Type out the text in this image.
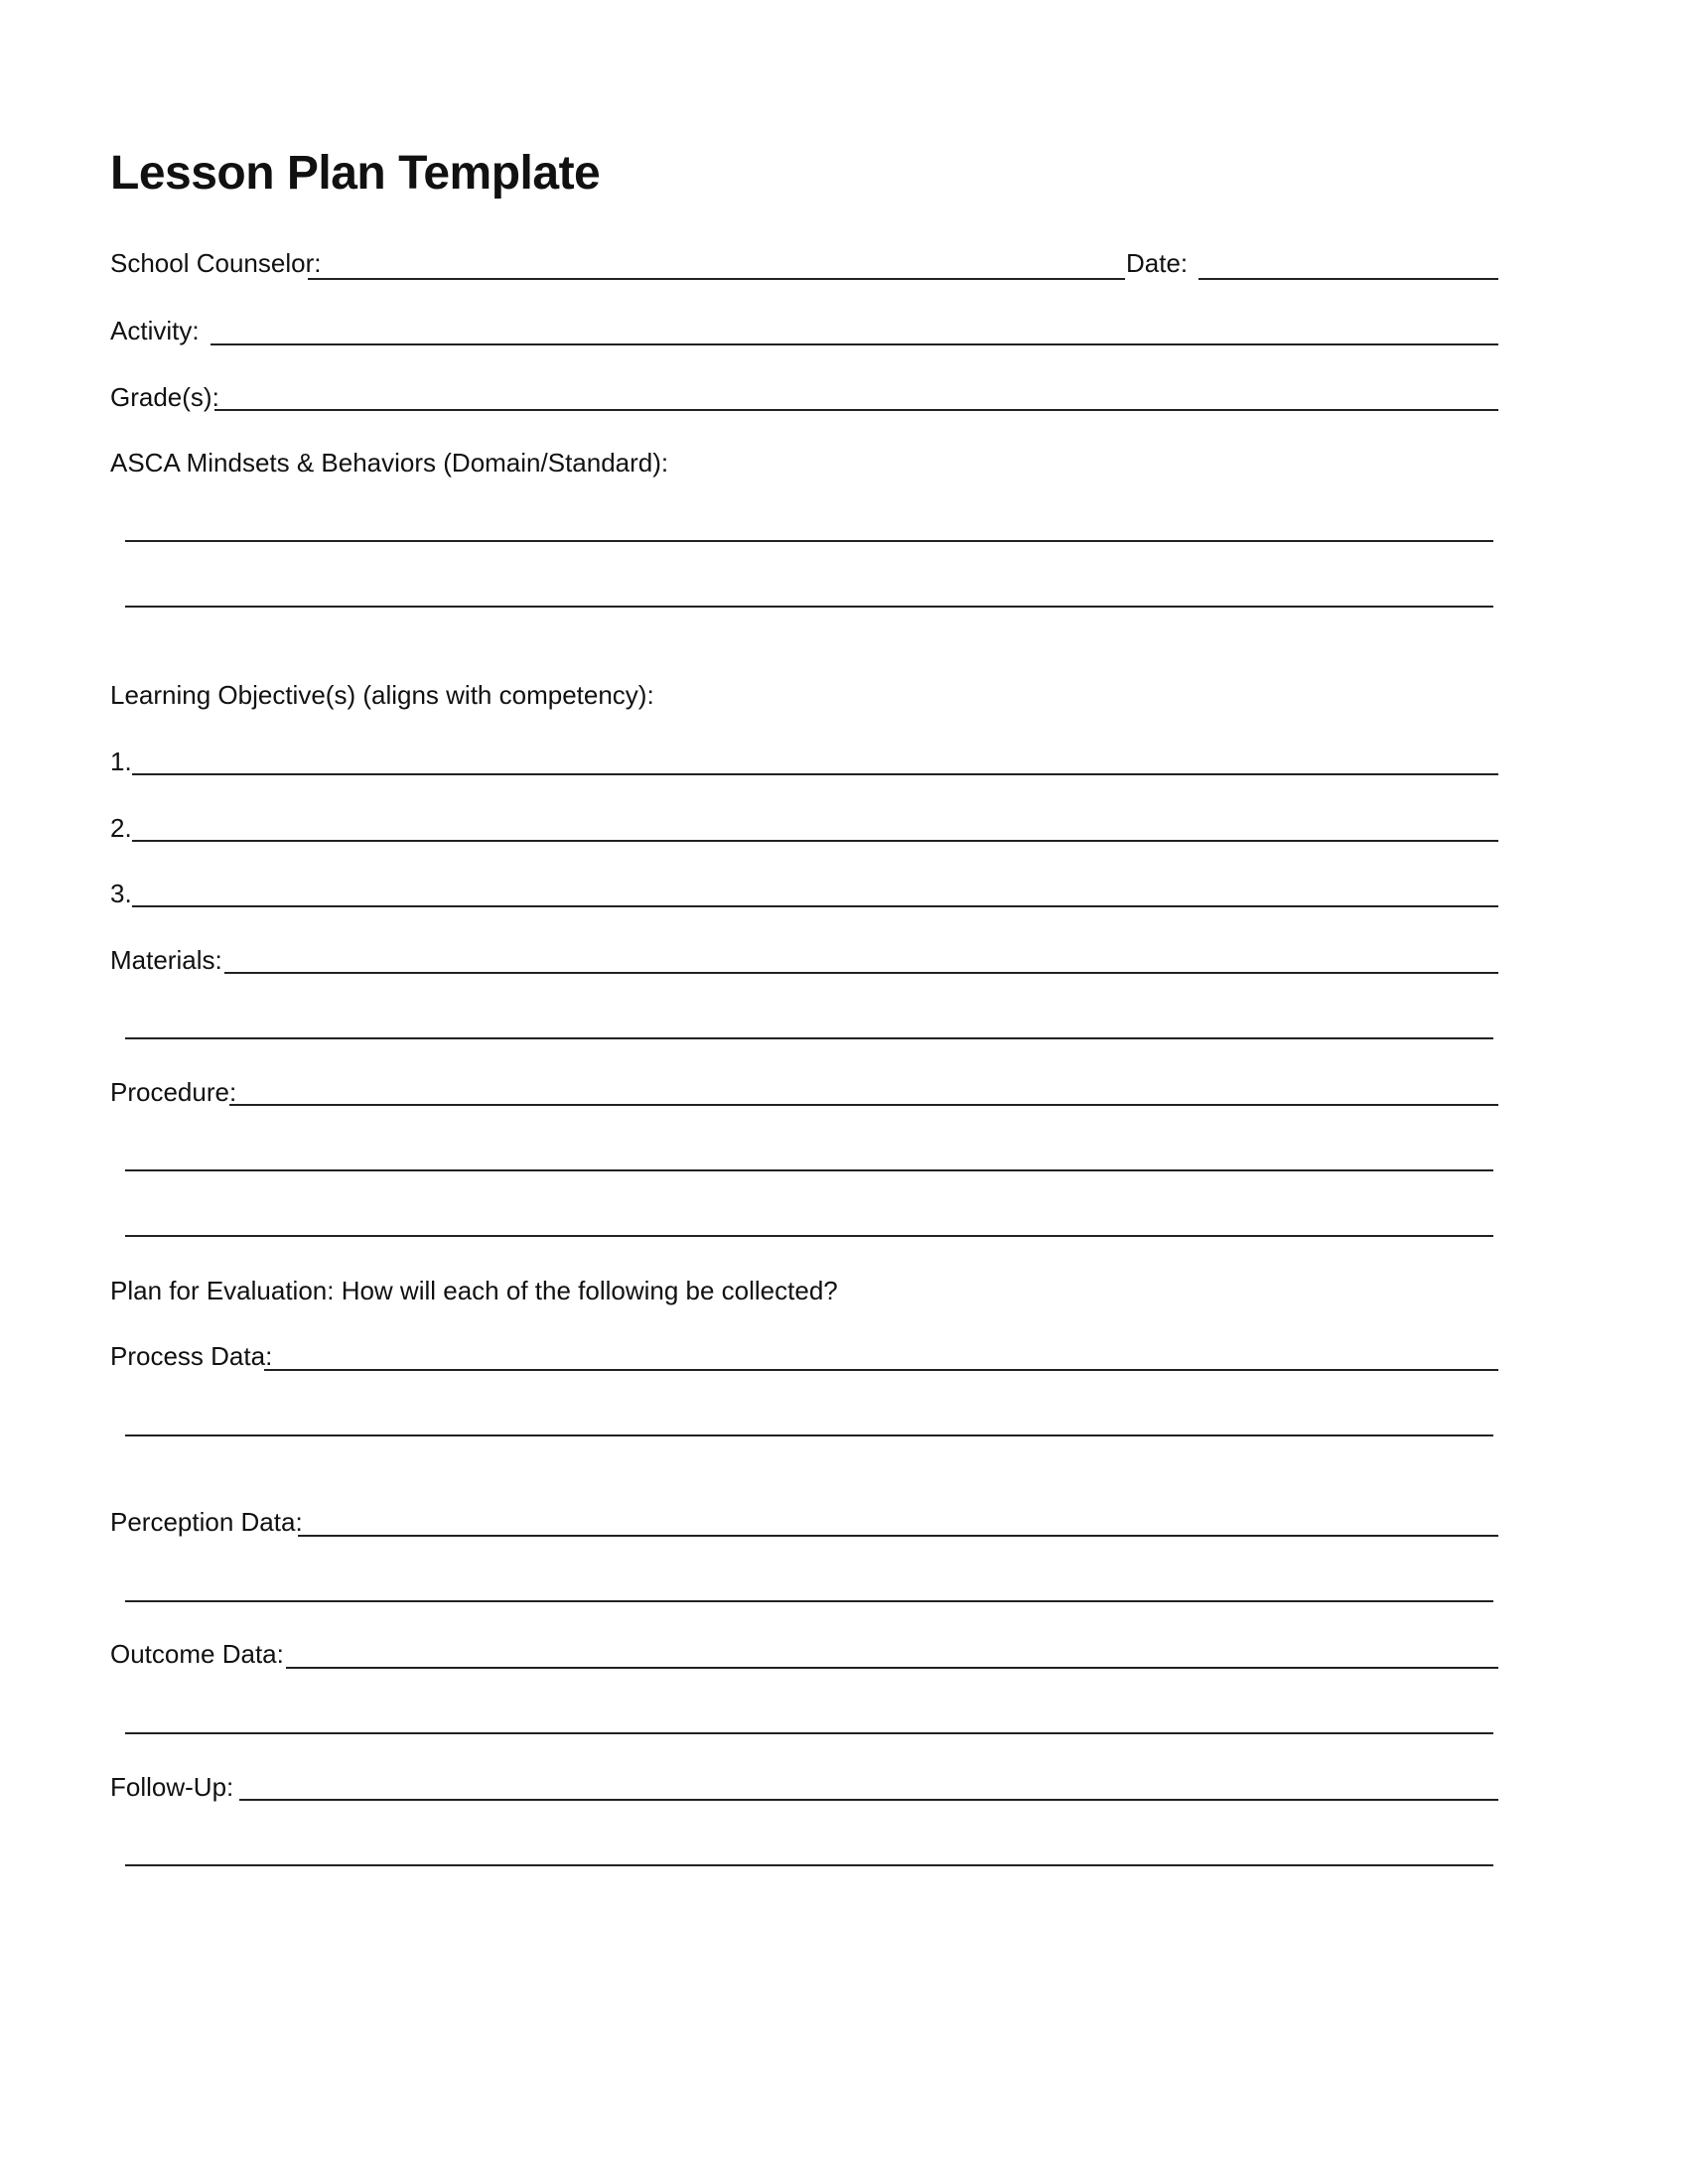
Lesson Plan Template
School Counselor:	Date:
Activity:
Grade(s):
ASCA Mindsets & Behaviors (Domain/Standard):
Learning Objective(s) (aligns with competency):
1.
2.
3.
Materials:
Procedure:
Plan for Evaluation: How will each of the following be collected?
Process Data:
Perception Data:
Outcome Data:
Follow-Up:
